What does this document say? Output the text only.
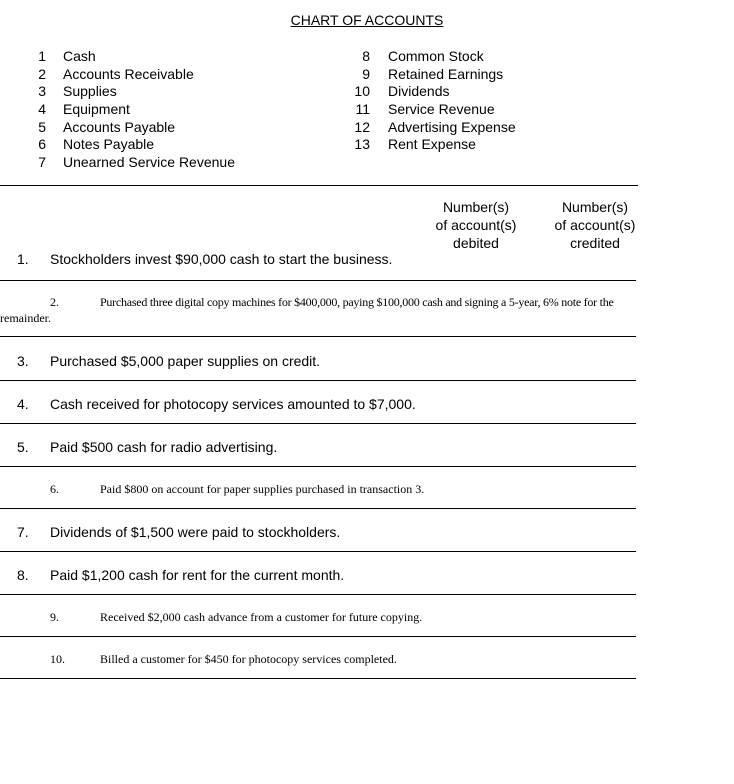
CHART OF ACCOUNTS
1 Cash
2 Accounts Receivable
3 Supplies
4 Equipment
5 Accounts Payable
6 Notes Payable
7 Unearned Service Revenue
8 Common Stock
9 Retained Earnings
10 Dividends
11 Service Revenue
12 Advertising Expense
13 Rent Expense
Number(s)
of account(s)
debited
Number(s)
of account(s)
credited
1. Stockholders invest $90,000 cash to start the business.
2.	Purchased three digital copy machines for $400,000, paying $100,000 cash and signing a 5-year, 6% note for the
remainder.
3. Purchased $5,000 paper supplies on credit.
4. Cash received for photocopy services amounted to $7,000.
5. Paid $500 cash for radio advertising.
6.	Paid $800 on account for paper supplies purchased in transaction 3.
7. Dividends of $1,500 were paid to stockholders.
8. Paid $1,200 cash for rent for the current month.
9.	Received $2,000 cash advance from a customer for future copying.
10.	Billed a customer for $450 for photocopy services completed.
